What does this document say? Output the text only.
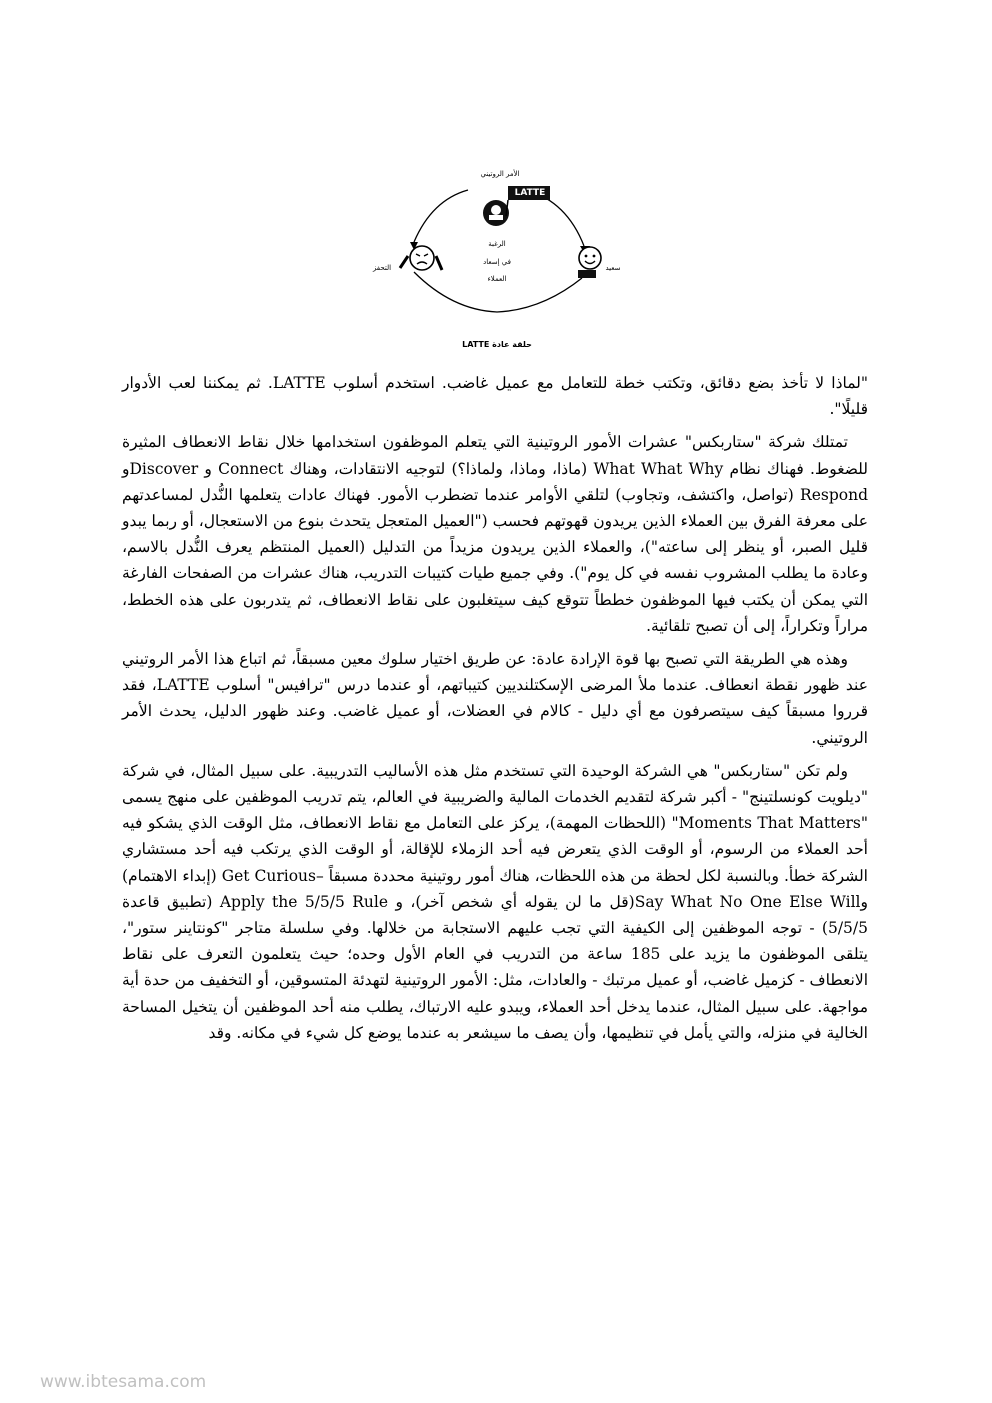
الأمر الروتيني
LATTE
الرغبة
في إسعاد
العملاء
التحفز	سعيد
حلقة عادة LATTE

"لماذا لا تأخذ بضع دقائق، وتكتب خطة للتعامل مع عميل غاضب. استخدم أسلوب LATTE. ثم يمكننا لعب الأدوار قليلًا".

تمتلك شركة "ستاربكس" عشرات الأمور الروتينية التي يتعلم الموظفون استخدامها خلال نقاط الانعطاف المثيرة للضغوط. فهناك نظام What What Why (ماذا، وماذا، ولماذا؟) لتوجيه الانتقادات، وهناك Connect و Discoverو Respond (تواصل، واكتشف، وتجاوب) لتلقي الأوامر عندما تضطرب الأمور. فهناك عادات يتعلمها النُّدل لمساعدتهم على معرفة الفرق بين العملاء الذين يريدون قهوتهم فحسب ("العميل المتعجل يتحدث بنوع من الاستعجال، أو ربما يبدو قليل الصبر، أو ينظر إلى ساعته")، والعملاء الذين يريدون مزيداً من التدليل (العميل المنتظم يعرف النُّدل بالاسم، وعادة ما يطلب المشروب نفسه في كل يوم"). وفي جميع طيات كتيبات التدريب، هناك عشرات من الصفحات الفارغة التي يمكن أن يكتب فيها الموظفون خططاً تتوقع كيف سيتغلبون على نقاط الانعطاف، ثم يتدربون على هذه الخطط، مراراً وتكراراً، إلى أن تصبح تلقائية.

وهذه هي الطريقة التي تصبح بها قوة الإرادة عادة: عن طريق اختيار سلوك معين مسبقاً، ثم اتباع هذا الأمر الروتيني عند ظهور نقطة انعطاف. عندما ملأ المرضى الإسكتلنديين كتيباتهم، أو عندما درس "ترافيس" أسلوب LATTE، فقد قرروا مسبقاً كيف سيتصرفون مع أي دليل - كالام في العضلات، أو عميل غاضب. وعند ظهور الدليل، يحدث الأمر الروتيني.

ولم تكن "ستاربكس" هي الشركة الوحيدة التي تستخدم مثل هذه الأساليب التدريبية. على سبيل المثال، في شركة "ديلويت كونسلتينج" - أكبر شركة لتقديم الخدمات المالية والضريبية في العالم، يتم تدريب الموظفين على منهج يسمى "Moments That Matters" (اللحظات المهمة)، يركز على التعامل مع نقاط الانعطاف، مثل الوقت الذي يشكو فيه أحد العملاء من الرسوم، أو الوقت الذي يتعرض فيه أحد الزملاء للإقالة، أو الوقت الذي يرتكب فيه أحد مستشاري الشركة خطأ. وبالنسبة لكل لحظة من هذه اللحظات، هناك أمور روتينية محددة مسبقاً –Get Curious (إبداء الاهتمام) وSay What No One Else Will(قل ما لن يقوله أي شخص آخر)، و Apply the 5/5/5 Rule (تطبيق قاعدة 5/5/5) - توجه الموظفين إلى الكيفية التي تجب عليهم الاستجابة من خلالها. وفي سلسلة متاجر "كونتاينر ستور"، يتلقى الموظفون ما يزيد على 185 ساعة من التدريب في العام الأول وحده؛ حيث يتعلمون التعرف على نقاط الانعطاف - كزميل غاضب، أو عميل مرتبك - والعادات، مثل: الأمور الروتينية لتهدئة المتسوقين، أو التخفيف من حدة أية مواجهة. على سبيل المثال، عندما يدخل أحد العملاء، ويبدو عليه الارتباك، يطلب منه أحد الموظفين أن يتخيل المساحة الخالية في منزله، والتي يأمل في تنظيمها، وأن يصف ما سيشعر به عندما يوضع كل شيء في مكانه. وقد

www.ibtesama.com
